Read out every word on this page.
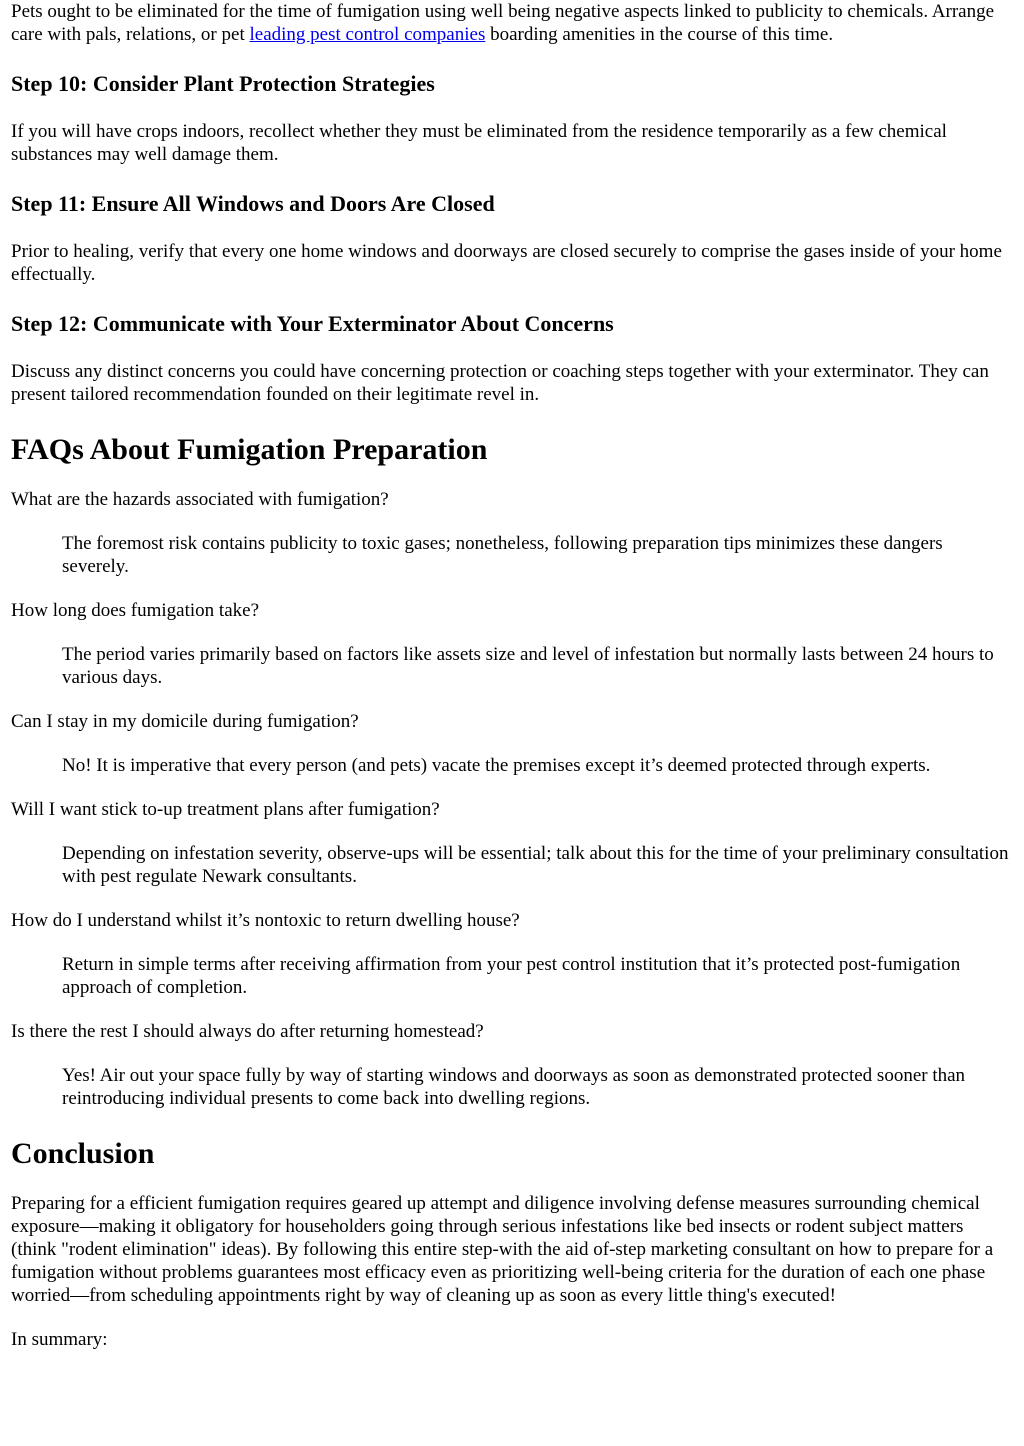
Pets ought to be eliminated for the time of fumigation using well being negative aspects linked to publicity to chemicals. Arrange care with pals, relations, or pet leading pest control companies boarding amenities in the course of this time.

Step 10: Consider Plant Protection Strategies

If you will have crops indoors, recollect whether they must be eliminated from the residence temporarily as a few chemical substances may well damage them.

Step 11: Ensure All Windows and Doors Are Closed

Prior to healing, verify that every one home windows and doorways are closed securely to comprise the gases inside of your home effectually.

Step 12: Communicate with Your Exterminator About Concerns

Discuss any distinct concerns you could have concerning protection or coaching steps together with your exterminator. They can present tailored recommendation founded on their legitimate revel in.

FAQs About Fumigation Preparation
What are the hazards associated with fumigation?
The foremost risk contains publicity to toxic gases; nonetheless, following preparation tips minimizes these dangers severely.
How long does fumigation take?
The period varies primarily based on factors like assets size and level of infestation but normally lasts between 24 hours to various days.
Can I stay in my domicile during fumigation?
No! It is imperative that every person (and pets) vacate the premises except it’s deemed protected through experts.
Will I want stick to-up treatment plans after fumigation?
Depending on infestation severity, observe-ups will be essential; talk about this for the time of your preliminary consultation with pest regulate Newark consultants.
How do I understand whilst it’s nontoxic to return dwelling house?
Return in simple terms after receiving affirmation from your pest control institution that it’s protected post-fumigation approach of completion.
Is there the rest I should always do after returning homestead?
Yes! Air out your space fully by way of starting windows and doorways as soon as demonstrated protected sooner than reintroducing individual presents to come back into dwelling regions.
Conclusion

Preparing for a efficient fumigation requires geared up attempt and diligence involving defense measures surrounding chemical exposure—making it obligatory for householders going through serious infestations like bed insects or rodent subject matters (think "rodent elimination" ideas). By following this entire step-with the aid of-step marketing consultant on how to prepare for a fumigation without problems guarantees most efficacy even as prioritizing well-being criteria for the duration of each one phase worried—from scheduling appointments right by way of cleaning up as soon as every little thing's executed!

In summary:
